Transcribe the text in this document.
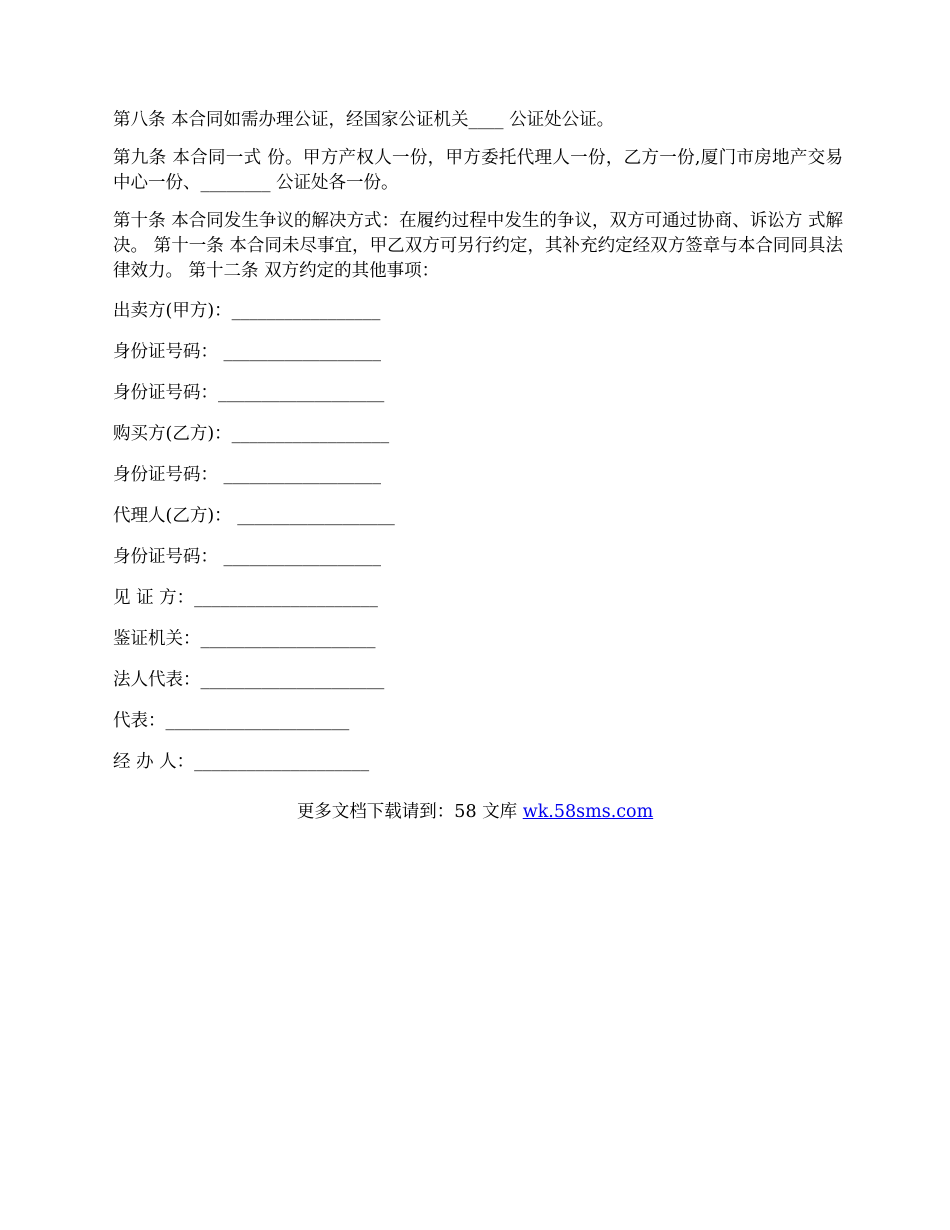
第八条 本合同如需办理公证，经国家公证机关____ 公证处公证。

第九条 本合同一式 份。甲方产权人一份，甲方委托代理人一份，乙方一份,厦门市房地产交易中心一份、________ 公证处各一份。

第十条 本合同发生争议的解决方式：在履约过程中发生的争议，双方可通过协商、诉讼方 式解决。 第十一条 本合同未尽事宜，甲乙双方可另行约定，其补充约定经双方签章与本合同同具法 律效力。 第十二条 双方约定的其他事项：

出卖方(甲方)：_________________
身份证号码： __________________
身份证号码：___________________
购买方(乙方)：__________________
身份证号码： __________________
代理人(乙方)： __________________
身份证号码： __________________
见 证 方：_____________________
鉴证机关：____________________
法人代表：_____________________
代表：_____________________
经 办 人：____________________
更多文档下载请到：58 文库 wk.58sms.com
